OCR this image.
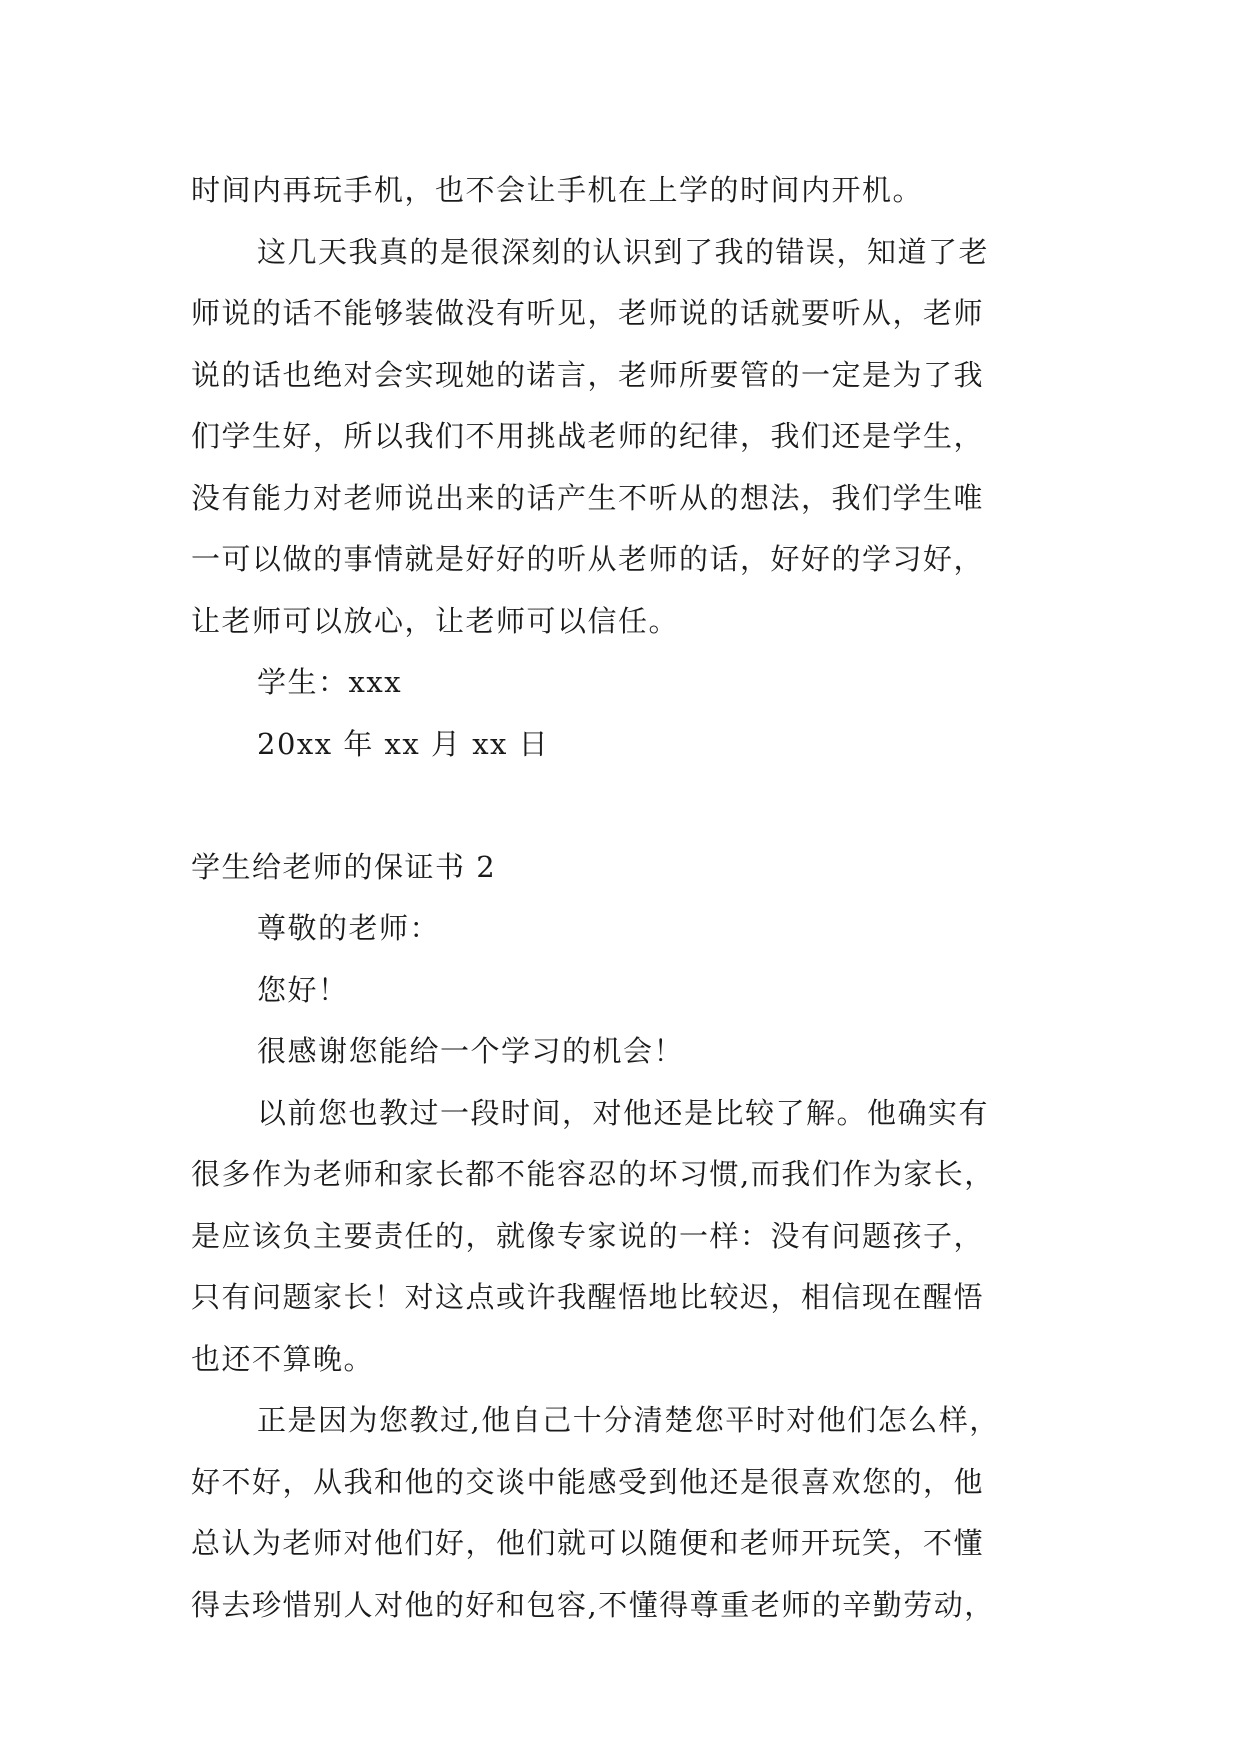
时间内再玩手机，也不会让手机在上学的时间内开机。
这几天我真的是很深刻的认识到了我的错误，知道了老
师说的话不能够装做没有听见，老师说的话就要听从，老师
说的话也绝对会实现她的诺言，老师所要管的一定是为了我
们学生好，所以我们不用挑战老师的纪律，我们还是学生，
没有能力对老师说出来的话产生不听从的想法，我们学生唯
一可以做的事情就是好好的听从老师的话，好好的学习好，
让老师可以放心，让老师可以信任。
学生：xxx
20xx 年 xx 月 xx 日
学生给老师的保证书 2
尊敬的老师：
您好！
很感谢您能给一个学习的机会！
以前您也教过一段时间，对他还是比较了解。他确实有
很多作为老师和家长都不能容忍的坏习惯,而我们作为家长，
是应该负主要责任的，就像专家说的一样：没有问题孩子，
只有问题家长！对这点或许我醒悟地比较迟，相信现在醒悟
也还不算晚。
正是因为您教过,他自己十分清楚您平时对他们怎么样，
好不好，从我和他的交谈中能感受到他还是很喜欢您的，他
总认为老师对他们好，他们就可以随便和老师开玩笑，不懂
得去珍惜别人对他的好和包容,不懂得尊重老师的辛勤劳动，
